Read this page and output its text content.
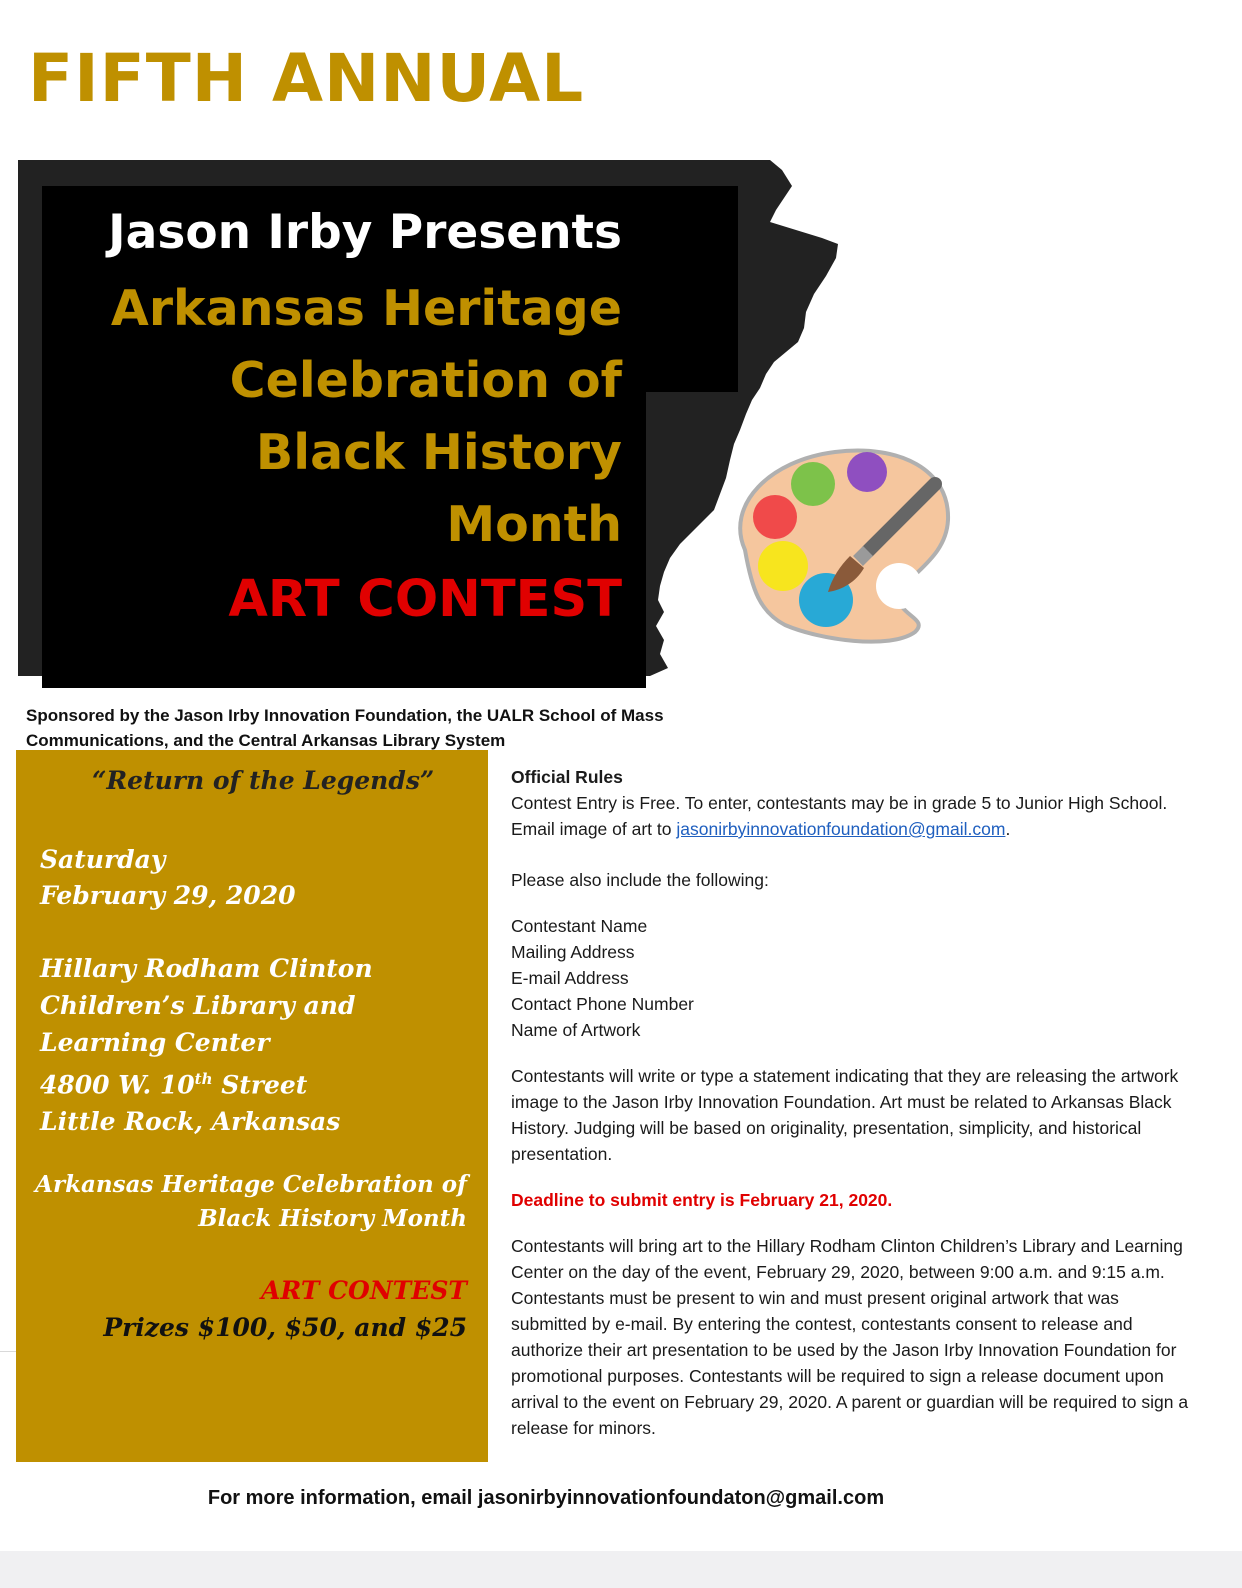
FIFTH ANNUAL
Jason Irby Presents
Arkansas Heritage
Celebration of
Black History
Month
ART CONTEST
Sponsored by the Jason Irby Innovation Foundation, the UALR School of Mass Communications, and the Central Arkansas Library System
“Return of the Legends”
Saturday
February 29, 2020
Hillary Rodham Clinton
Children’s Library and
Learning Center
4800 W. 10th Street
Little Rock, Arkansas
Arkansas Heritage Celebration of
Black History Month
ART CONTEST
Prizes $100, $50, and $25

Official Rules

Contest Entry is Free. To enter, contestants may be in grade 5 to Junior High School. Email image of art to jasonirbyinnovationfoundation@gmail.com.

Please also include the following:

Contestant Name
Mailing Address
E-mail Address
Contact Phone Number
Name of Artwork

Contestants will write or type a statement indicating that they are releasing the artwork image to the Jason Irby Innovation Foundation. Art must be related to Arkansas Black History. Judging will be based on originality, presentation, simplicity, and historical presentation.

Deadline to submit entry is February 21, 2020.

Contestants will bring art to the Hillary Rodham Clinton Children’s Library and Learning Center on the day of the event, February 29, 2020, between 9:00 a.m. and 9:15 a.m. Contestants must be present to win and must present original artwork that was submitted by e-mail. By entering the contest, contestants consent to release and authorize their art presentation to be used by the Jason Irby Innovation Foundation for promotional purposes. Contestants will be required to sign a release document upon arrival to the event on February 29, 2020. A parent or guardian will be required to sign a release for minors.

For more information, email jasonirbyinnovationfoundaton@gmail.com
